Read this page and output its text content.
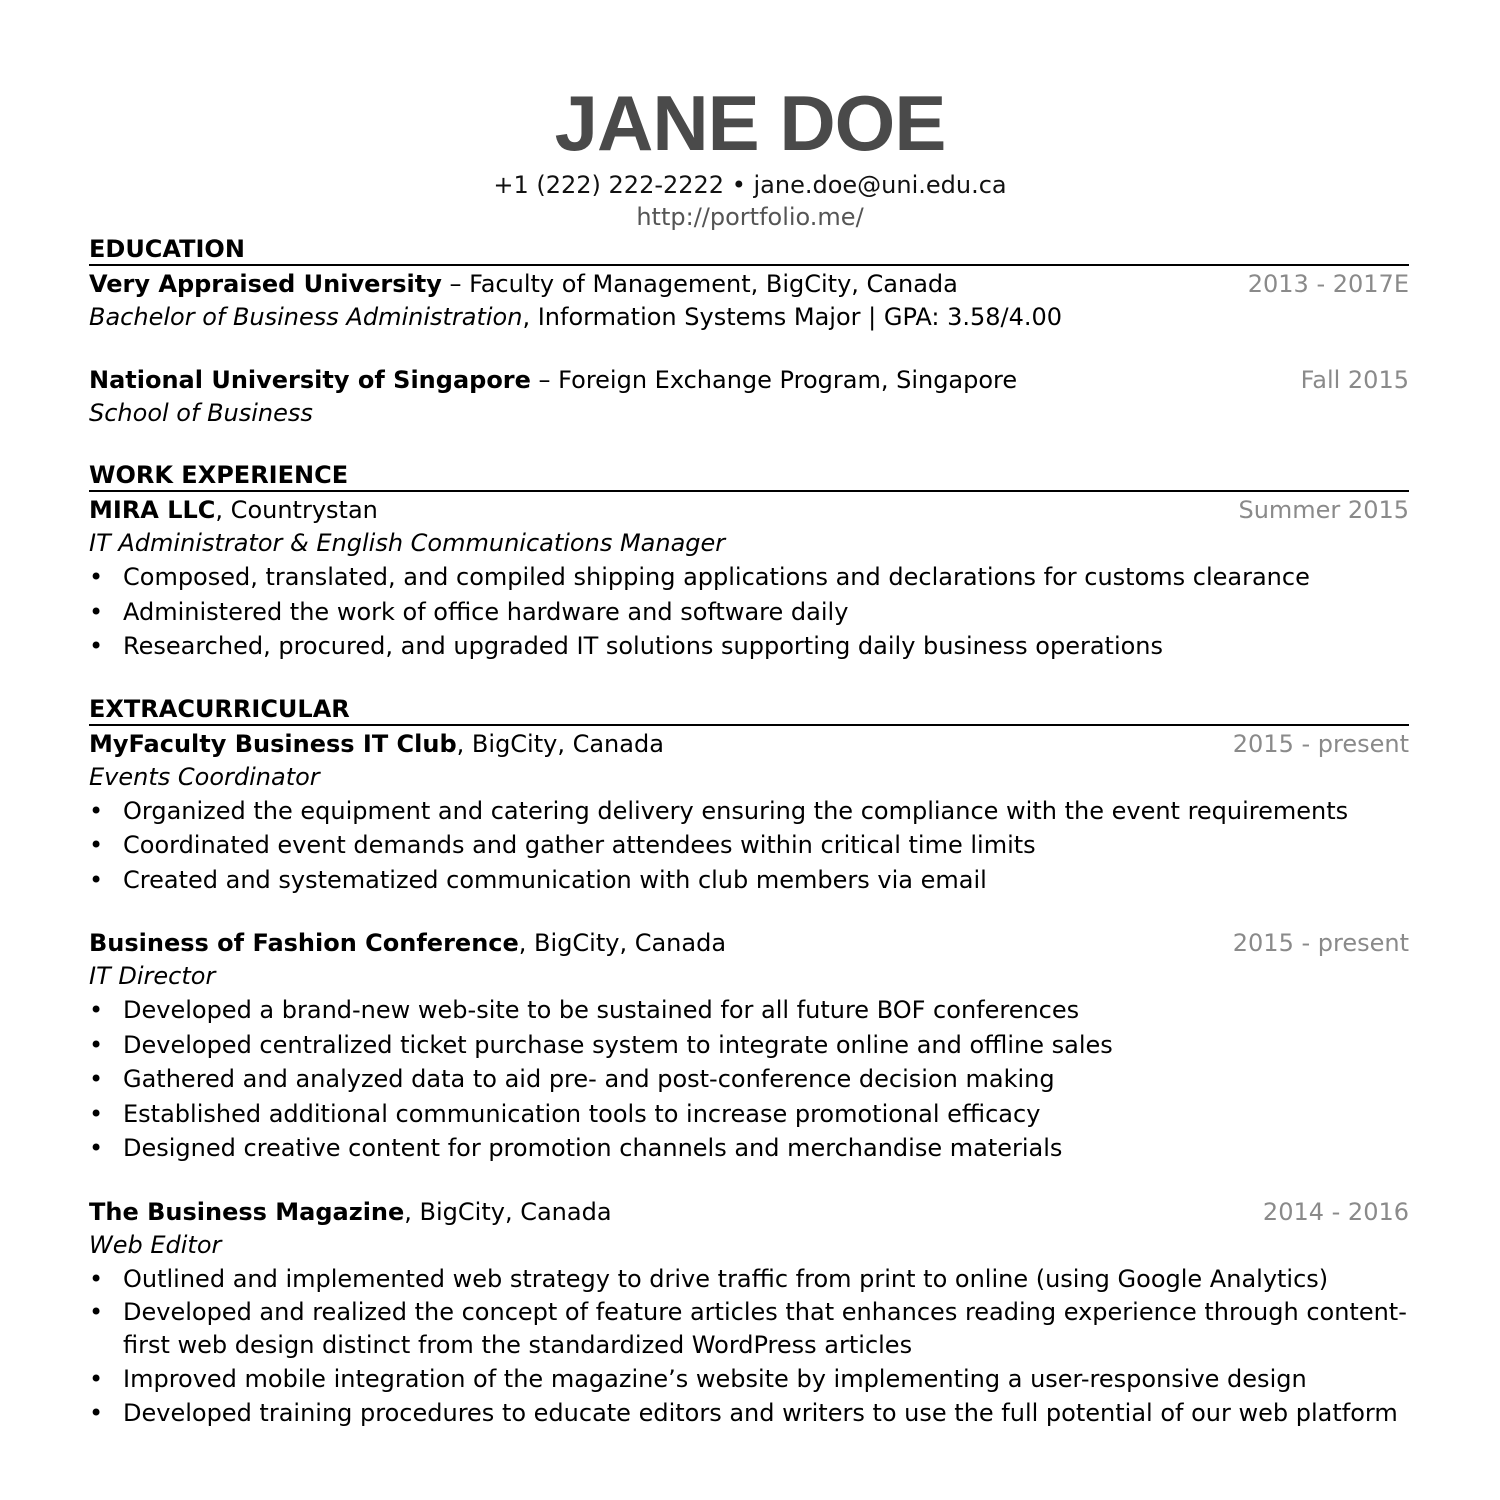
JANE DOE
+1 (222) 222-2222 • jane.doe@uni.edu.ca
http://portfolio.me/
EDUCATION
Very Appraised University – Faculty of Management, BigCity, Canada	2013 - 2017E
Bachelor of Business Administration, Information Systems Major | GPA: 3.58/4.00
National University of Singapore – Foreign Exchange Program, Singapore	Fall 2015
School of Business
WORK EXPERIENCE
MIRA LLC, Countrystan	Summer 2015
IT Administrator & English Communications Manager
• Composed, translated, and compiled shipping applications and declarations for customs clearance
• Administered the work of office hardware and software daily
• Researched, procured, and upgraded IT solutions supporting daily business operations
EXTRACURRICULAR
MyFaculty Business IT Club, BigCity, Canada	2015 - present
Events Coordinator
• Organized the equipment and catering delivery ensuring the compliance with the event requirements
• Coordinated event demands and gather attendees within critical time limits
• Created and systematized communication with club members via email
Business of Fashion Conference, BigCity, Canada	2015 - present
IT Director
• Developed a brand-new web-site to be sustained for all future BOF conferences
• Developed centralized ticket purchase system to integrate online and offline sales
• Gathered and analyzed data to aid pre- and post-conference decision making
• Established additional communication tools to increase promotional efficacy
• Designed creative content for promotion channels and merchandise materials
The Business Magazine, BigCity, Canada	2014 - 2016
Web Editor
• Outlined and implemented web strategy to drive traffic from print to online (using Google Analytics)
• Developed and realized the concept of feature articles that enhances reading experience through content-first web design distinct from the standardized WordPress articles
• Improved mobile integration of the magazine’s website by implementing a user-responsive design
• Developed training procedures to educate editors and writers to use the full potential of our web platform
